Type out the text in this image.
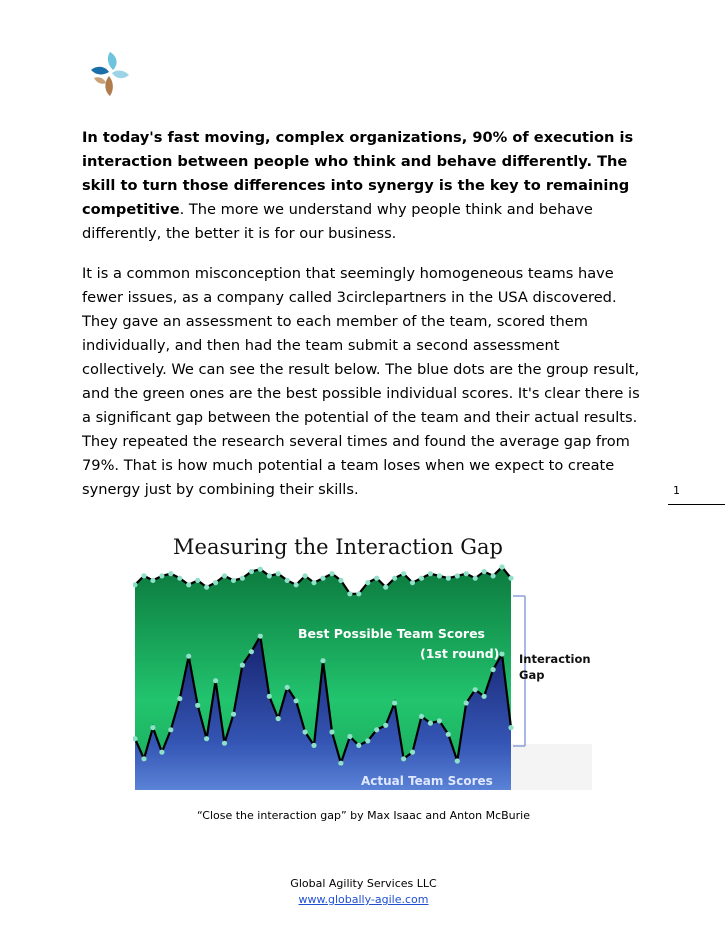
In today's fast moving, complex organizations, 90% of execution is interaction between people who think and behave differently. The skill to turn those differences into synergy is the key to remaining competitive. The more we understand why people think and behave differently, the better it is for our business.

It is a common misconception that seemingly homogeneous teams have fewer issues, as a company called 3circlepartners in the USA discovered. They gave an assessment to each member of the team, scored them individually, and then had the team submit a second assessment collectively. We can see the result below. The blue dots are the group result, and the green ones are the best possible individual scores. It's clear there is a significant gap between the potential of the team and their actual results. They repeated the research several times and found the average gap from 79%. That is how much potential a team loses when we expect to create synergy just by combining their skills.	1
Measuring the Interaction Gap
Best Possible Team Scores
(1st round)
Actual Team Scores
Interaction
Gap
“Close the interaction gap” by Max Isaac and Anton McBurie
Global Agility Services LLC
www.globally-agile.com
